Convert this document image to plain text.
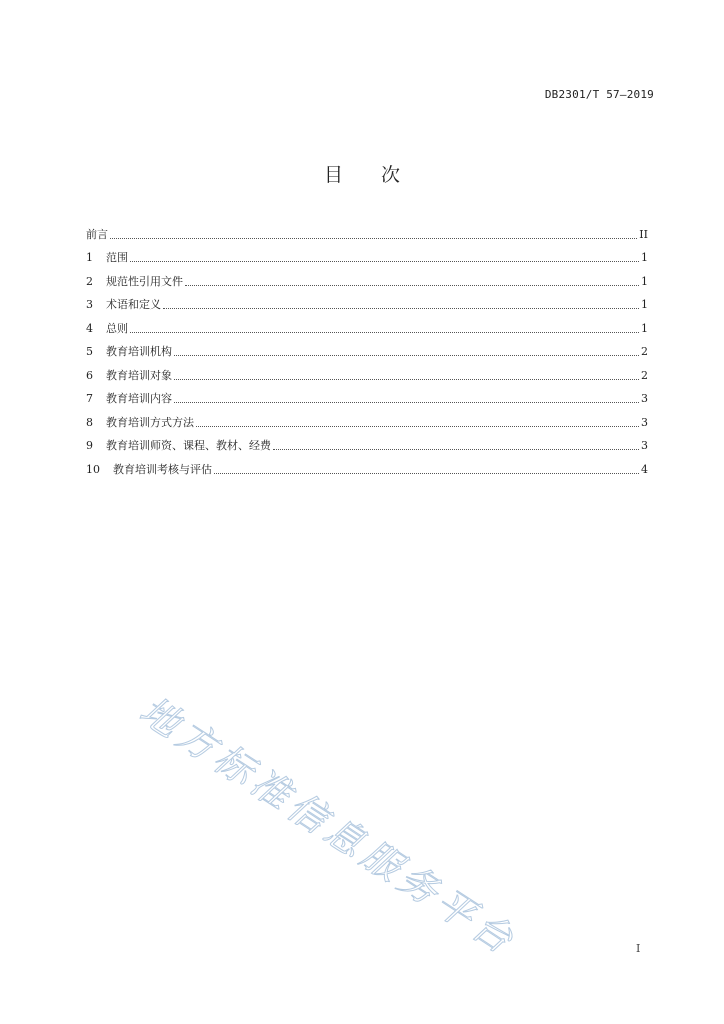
DB2301/T 57—2019
目 次
前言	II
1	范围	1
2	规范性引用文件	1
3	术语和定义	1
4	总则	1
5	教育培训机构	2
6	教育培训对象	2
7	教育培训内容	3
8	教育培训方式方法	3
9	教育培训师资、课程、教材、经费	3
10	教育培训考核与评估	4
地方标准信息服务平台	I
